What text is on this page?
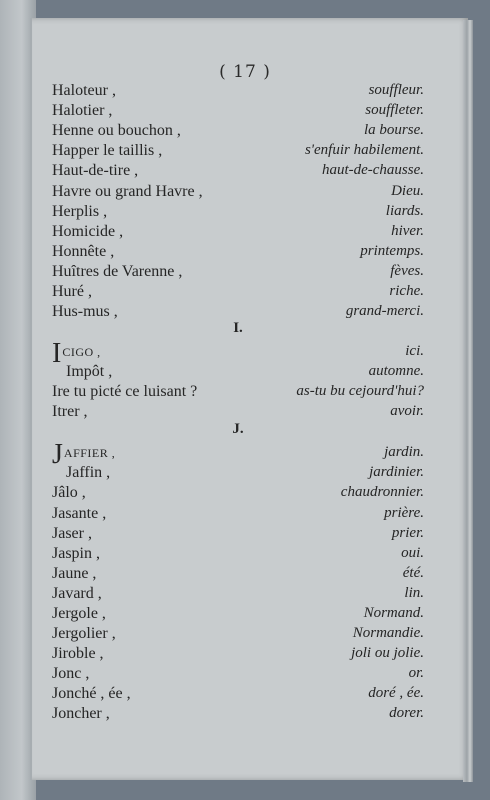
( 17 )
Haloteur ,	souffleur.
Halotier ,	souffleter.
Henne ou bouchon ,	la bourse.
Happer le taillis ,	s'enfuir habilement.
Haut-de-tire ,	haut-de-chausse.
Havre ou grand Havre ,	Dieu.
Herplis ,	liards.
Homicide ,	hiver.
Honnête ,	printemps.
Huîtres de Varenne ,	fèves.
Huré ,	riche.
Hus-mus ,	grand-merci.
I.
ICIGO ,	ici.
Impôt ,	automne.
Ire tu picté ce luisant ?	as-tu bu cejourd'hui?
Itrer ,	avoir.
J.
JAFFIER ,	jardin.
Jaffin ,	jardinier.
Jâlo ,	chaudronnier.
Jasante ,	prière.
Jaser ,	prier.
Jaspin ,	oui.
Jaune ,	été.
Javard ,	lin.
Jergole ,	Normand.
Jergolier ,	Normandie.
Jiroble ,	joli ou jolie.
Jonc ,	or.
Jonché , ée ,	doré , ée.
Joncher ,	dorer.
